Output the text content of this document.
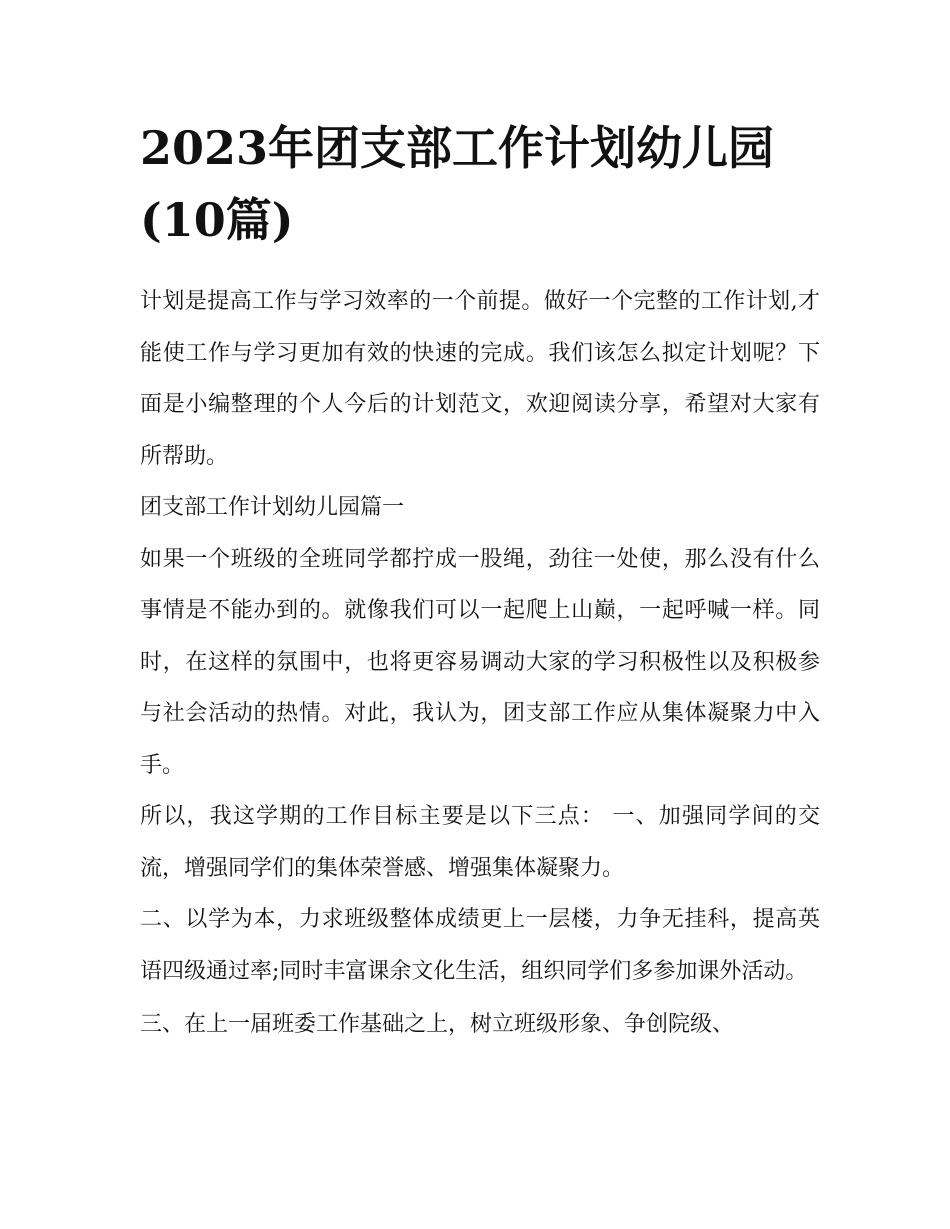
2023年团支部工作计划幼儿园(10篇)

计划是提高工作与学习效率的一个前提。做好一个完整的工作计划,才能使工作与学习更加有效的快速的完成。我们该怎么拟定计划呢？下面是小编整理的个人今后的计划范文，欢迎阅读分享，希望对大家有所帮助。

团支部工作计划幼儿园篇一

如果一个班级的全班同学都拧成一股绳，劲往一处使，那么没有什么事情是不能办到的。就像我们可以一起爬上山巅，一起呼喊一样。同时，在这样的氛围中，也将更容易调动大家的学习积极性以及积极参与社会活动的热情。对此，我认为，团支部工作应从集体凝聚力中入手。

所以，我这学期的工作目标主要是以下三点： 一、加强同学间的交流，增强同学们的集体荣誉感、增强集体凝聚力。

二、以学为本，力求班级整体成绩更上一层楼，力争无挂科，提高英语四级通过率;同时丰富课余文化生活，组织同学们多参加课外活动。

三、在上一届班委工作基础之上，树立班级形象、争创院级、
